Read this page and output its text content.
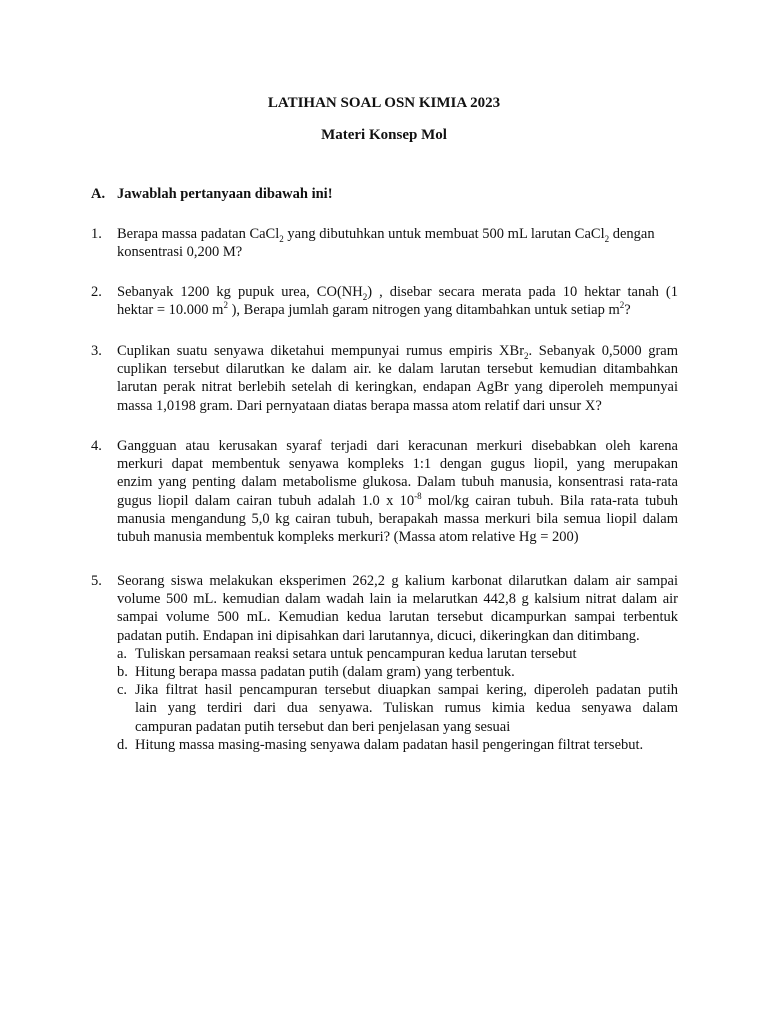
LATIHAN SOAL OSN KIMIA 2023
Materi Konsep Mol
A. Jawablah pertanyaan dibawah ini!
1. Berapa massa padatan CaCl$_2$ yang dibutuhkan untuk membuat 500 mL larutan CaCl$_2$ dengan
konsentrasi 0,200 M?
2. Sebanyak 1200 kg pupuk urea, $CO(NH_2)$ , disebar secara merata pada 10 hektar tanah (1
hektar = 10.000 $m^2$ ), Berapa jumlah garam nitrogen yang ditambahkan untuk setiap $m^2$?
3. Cuplikan suatu senyawa diketahui mempunyai rumus empiris XBr$_2$. Sebanyak 0,5000 gram
cuplikan tersebut dilarutkan ke dalam air. ke dalam larutan tersebut kemudian ditambahkan
larutan perak nitrat berlebih setelah di keringkan, endapan AgBr yang diperoleh mempunyai
massa 1,0198 gram. Dari pernyataan diatas berapa massa atom relatif dari unsur X?
4. Gangguan atau kerusakan syaraf terjadi dari keracunan merkuri disebabkan oleh karena
merkuri dapat membentuk senyawa kompleks 1:1 dengan gugus liopil, yang merupakan
enzim yang penting dalam metabolisme glukosa. Dalam tubuh manusia, konsentrasi rata-rata
gugus liopil dalam cairan tubuh adalah 1.0 x $10^{-8}$ mol/kg cairan tubuh. Bila rata-rata tubuh
manusia mengandung 5,0 kg cairan tubuh, berapakah massa merkuri bila semua liopil dalam
tubuh manusia membentuk kompleks merkuri? (Massa atom relative Hg = 200)
5. Seorang siswa melakukan eksperimen 262,2 g kalium karbonat dilarutkan dalam air sampai
volume 500 mL. kemudian dalam wadah lain ia melarutkan 442,8 g kalsium nitrat dalam air
sampai volume 500 mL. Kemudian kedua larutan tersebut dicampurkan sampai terbentuk
padatan putih. Endapan ini dipisahkan dari larutannya, dicuci, dikeringkan dan ditimbang.
a. Tuliskan persamaan reaksi setara untuk pencampuran kedua larutan tersebut
b. Hitung berapa massa padatan putih (dalam gram) yang terbentuk.
c. Jika filtrat hasil pencampuran tersebut diuapkan sampai kering, diperoleh padatan putih
lain yang terdiri dari dua senyawa. Tuliskan rumus kimia kedua senyawa dalam
campuran padatan putih tersebut dan beri penjelasan yang sesuai
d. Hitung massa masing-masing senyawa dalam padatan hasil pengeringan filtrat tersebut.
